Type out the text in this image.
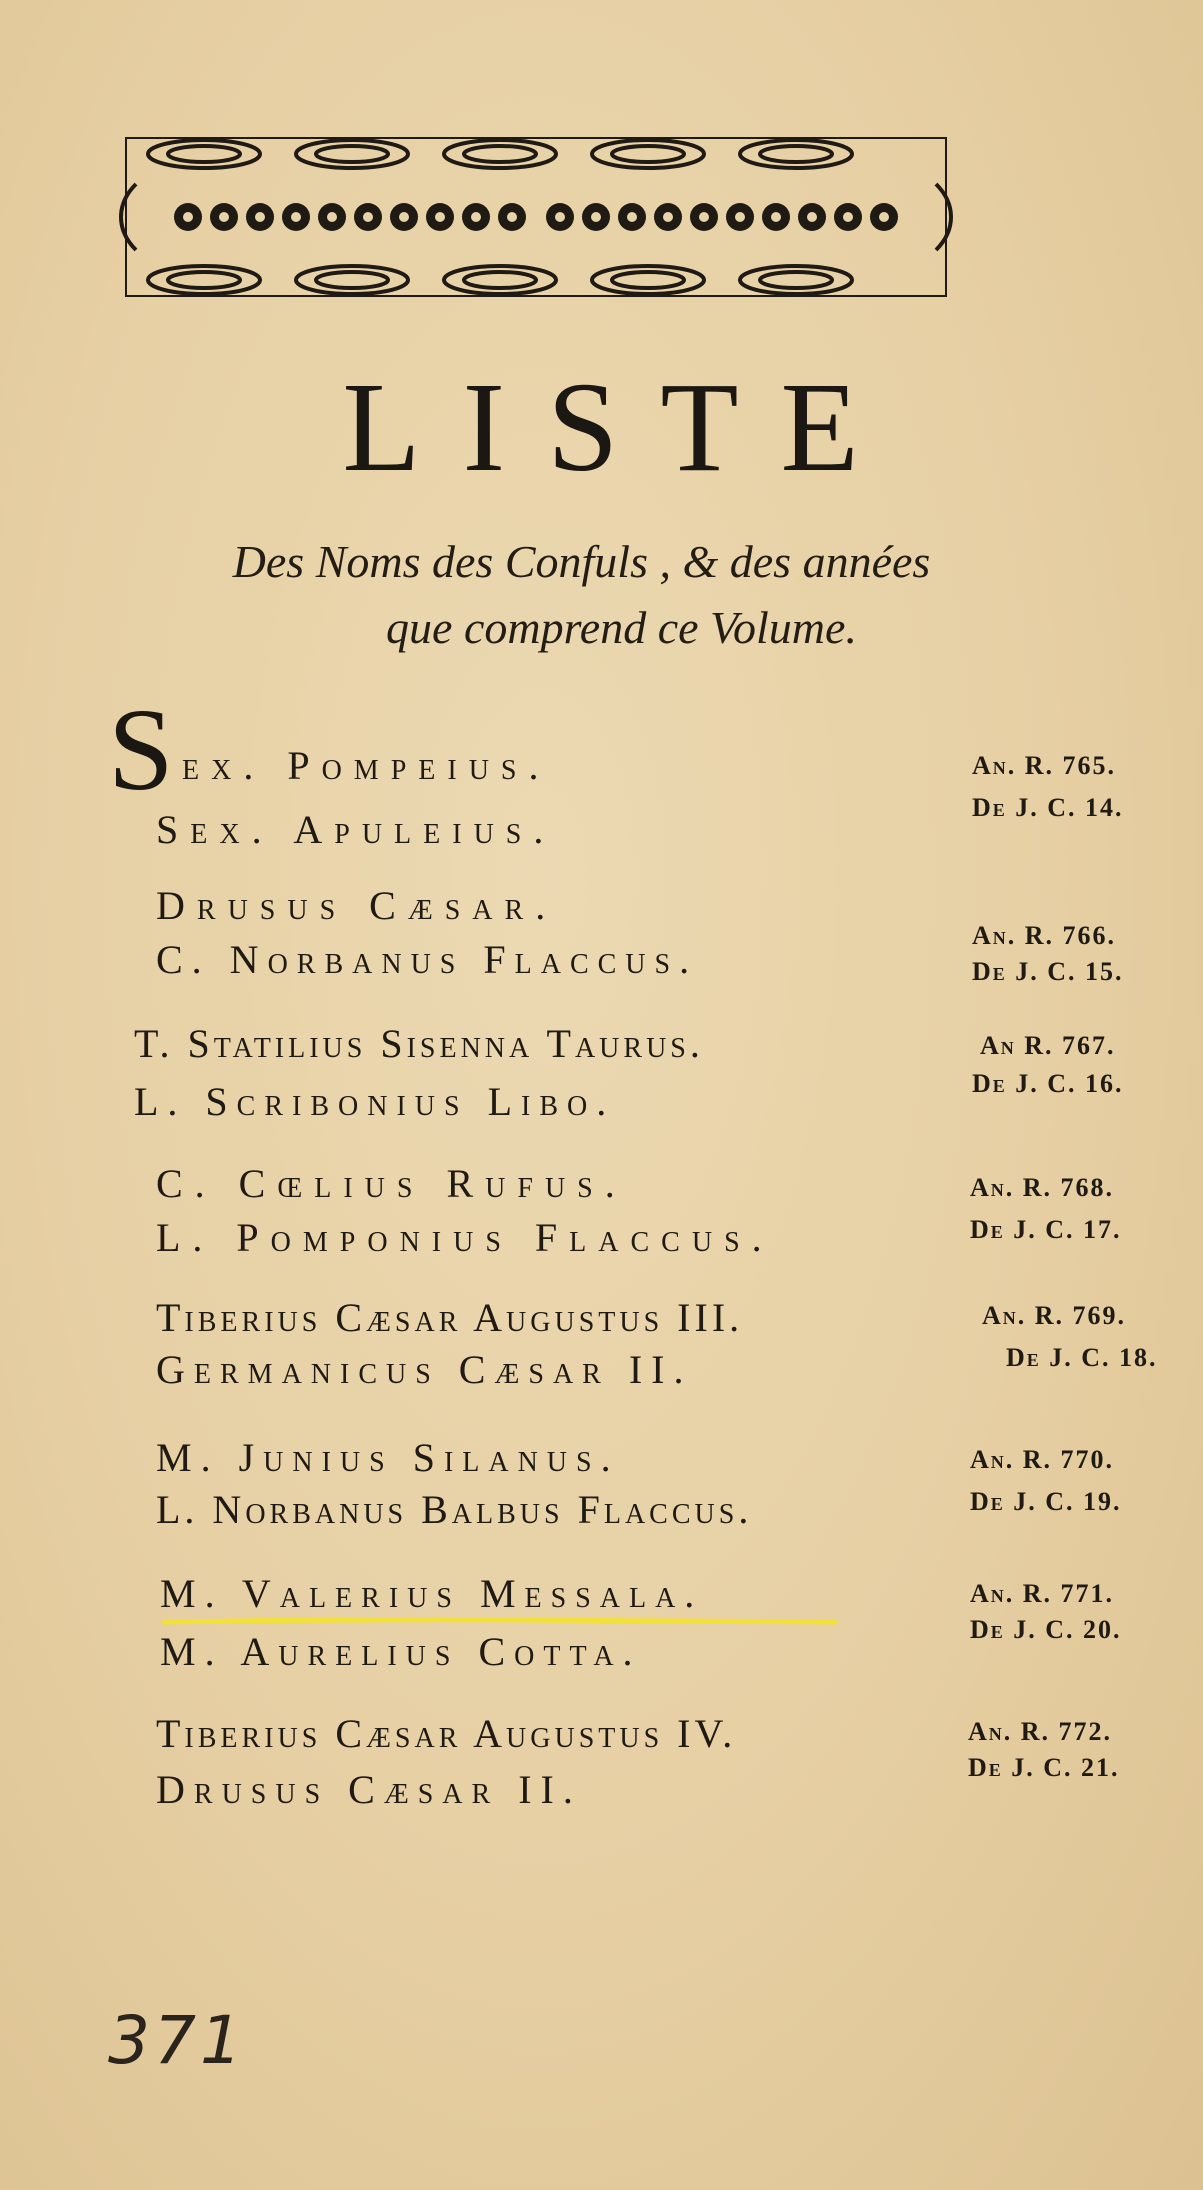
LISTE
Des Noms des Confuls , & des années
que comprend ce Volume.
S ex. Pompeius.
Sex. Apuleius.
An. R. 765.
De J. C. 14.
Drusus Cæsar.
C. Norbanus Flaccus.
An. R. 766.
De J. C. 15.
T. Statilius Sisenna Taurus.
L. Scribonius Libo.
An R. 767.
De J. C. 16.
C. Cœlius Rufus.
L. Pomponius Flaccus.
An. R. 768.
De J. C. 17.
Tiberius Cæsar Augustus III.
Germanicus Cæsar II.
An. R. 769.
De J. C. 18.
M. Junius Silanus.
L. Norbanus Balbus Flaccus.
An. R. 770.
De J. C. 19.
M. Valerius Messala.
M. Aurelius Cotta.
An. R. 771.
De J. C. 20.
Tiberius Cæsar Augustus IV.
Drusus Cæsar II.
An. R. 772.
De J. C. 21.
371
